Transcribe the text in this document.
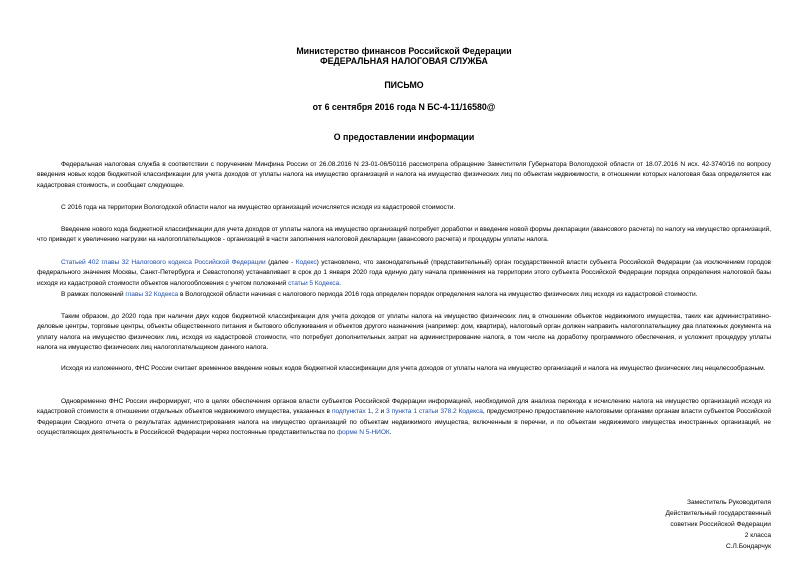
Министерство финансов Российской Федерации
ФЕДЕРАЛЬНАЯ НАЛОГОВАЯ СЛУЖБА
ПИСЬМО
от 6 сентября 2016 года N БС-4-11/16580@
О предоставлении информации
Федеральная налоговая служба в соответствии с поручением Минфина России от 26.08.2016 N 23-01-06/50116 рассмотрела обращение Заместителя Губернатора Вологодской области от 18.07.2016 N исх. 42-3740/16 по вопросу введения новых кодов бюджетной классификации для учета доходов от уплаты налога на имущество организаций и налога на имущество физических лиц по объектам недвижимости, в отношении которых налоговая база определяется как кадастровая стоимость, и сообщает следующее.
С 2016 года на территории Вологодской области налог на имущество организаций исчисляется исходя из кадастровой стоимости.
Введение нового кода бюджетной классификации для учета доходов от уплаты налога на имущество организаций потребует доработки и введение новой формы декларации (авансового расчета) по налогу на имущество организаций, что приведет к увеличению нагрузки на налогоплательщиков - организаций в части заполнения налоговой декларации (авансового расчета) и процедуры уплаты налога.
Статьей 402 главы 32 Налогового кодекса Российской Федерации (далее - Кодекс) установлено, что законодательный (представительный) орган государственной власти субъекта Российской Федерации (за исключением городов федерального значения Москвы, Санкт-Петербурга и Севастополя) устанавливает в срок до 1 января 2020 года единую дату начала применения на территории этого субъекта Российской Федерации порядка определения налоговой базы исходя из кадастровой стоимости объектов налогообложения с учетом положений статьи 5 Кодекса.
В рамках положений главы 32 Кодекса в Вологодской области начиная с налогового периода 2016 года определен порядок определения налога на имущество физических лиц исходя из кадастровой стоимости.
Таким образом, до 2020 года при наличии двух кодов бюджетной классификации для учета доходов от уплаты налога на имущество физических лиц в отношении объектов недвижимого имущества, таких как административно-деловые центры, торговые центры, объекты общественного питания и бытового обслуживания и объектов другого назначения (например: дом, квартира), налоговый орган должен направить налогоплательщику два платежных документа на уплату налога на имущество физических лиц, исходя из кадастровой стоимости, что потребует дополнительных затрат на администрирование налога, в том числе на доработку программного обеспечения, и усложнит процедуру уплаты налога на имущество физических лиц налогоплательщиком данного налога.
Исходя из изложенного, ФНС России считает временное введение новых кодов бюджетной классификации для учета доходов от уплаты налога на имущество организаций и налога на имущество физических лиц нецелесообразным.
Одновременно ФНС России информирует, что в целях обеспечения органов власти субъектов Российской Федерации информацией, необходимой для анализа перехода к исчислению налога на имущество организаций исходя из кадастровой стоимости в отношении отдельных объектов недвижимого имущества, указанных в подпунктах 1, 2 и 3 пункта 1 статьи 378.2 Кодекса, предусмотрено предоставление налоговыми органами органам власти субъектов Российской Федерации Сводного отчета о результатах администрирования налога на имущество организаций по объектам недвижимого имущества, включенным в перечни, и по объектам недвижимого имущества иностранных организаций, не осуществляющих деятельность в Российской Федерации через постоянные представительства по форме N 5-НИОК.
Заместитель Руководителя
Действительный государственный
советник Российской Федерации
2 класса
С.Л.Бондарчук
